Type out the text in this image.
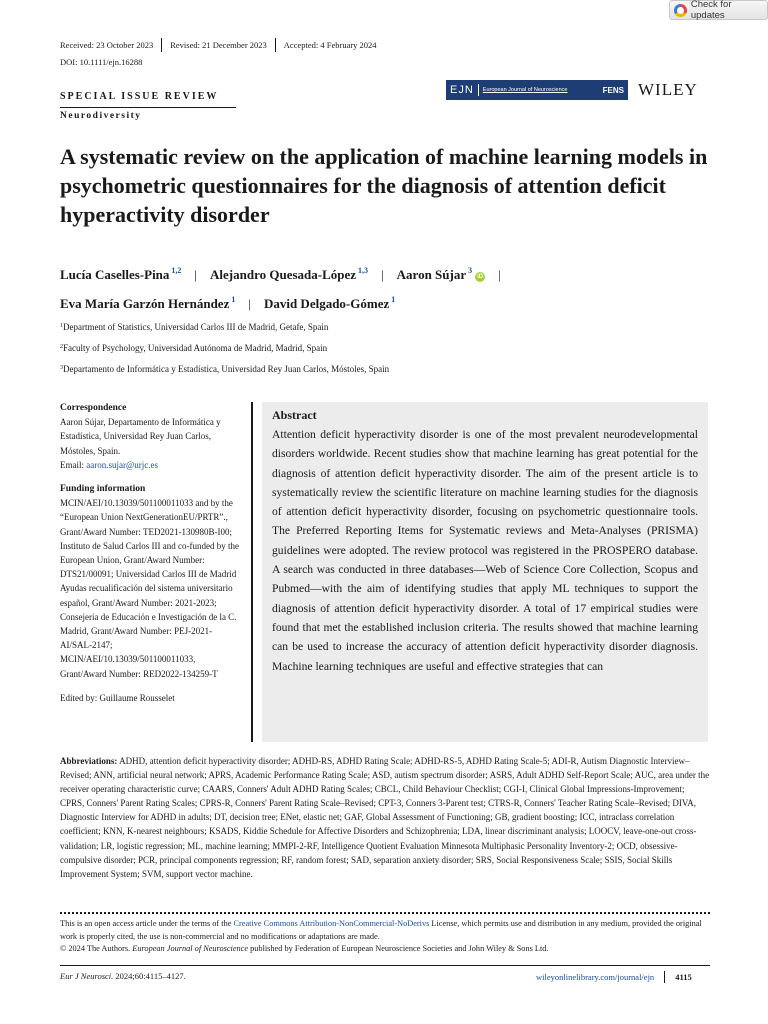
Check for updates
Received: 23 October 2023 Revised: 21 December 2023 Accepted: 4 February 2024
DOI: 10.1111/ejn.16288
SPECIAL ISSUE REVIEW
Neurodiversity
EJN	European Journal of Neuroscience	FENS WILEY
A systematic review on the application of machine learning models in psychometric questionnaires for the diagnosis of attention deficit hyperactivity disorder
Lucía Caselles-Pina $^{1,2}$ | Alejandro Quesada-López $^{1,3}$ | Aaron Sújar $^3$iD |
Eva María Garzón Hernández $^1$ | David Delgado-Gómez $^1$
$^1$Department of Statistics, Universidad Carlos III de Madrid, Getafe, Spain
$^2$Faculty of Psychology, Universidad Autónoma de Madrid, Madrid, Spain
$^3$Departamento de Informática y Estadística, Universidad Rey Juan Carlos, Móstoles, Spain
Correspondence
Aaron Sújar, Departamento de Informática y Estadística, Universidad Rey Juan Carlos, Móstoles, Spain.
Email: aaron.sujar@urjc.es
Funding information
MCIN/AEI/10.13039/501100011033 and by the “European Union NextGenerationEU/PRTR”., Grant/Award Number: TED2021-130980B-I00; Instituto de Salud Carlos III and co-funded by the European Union, Grant/Award Number: DTS21/00091; Universidad Carlos III de Madrid Ayudas recualificación del sistema universitario español, Grant/Award Number: 2021-2023; Consejería de Educación e Investigación de la C. Madrid, Grant/Award Number: PEJ-2021-AI/SAL-2147; MCIN/AEI/10.13039/501100011033, Grant/Award Number: RED2022-134259-T
Edited by: Guillaume Rousselet
Abstract
Attention deficit hyperactivity disorder is one of the most prevalent neurodevelopmental disorders worldwide. Recent studies show that machine learning has great potential for the diagnosis of attention deficit hyperactivity disorder. The aim of the present article is to systematically review the scientific literature on machine learning studies for the diagnosis of attention deficit hyperactivity disorder, focusing on psychometric questionnaire tools. The Preferred Reporting Items for Systematic reviews and Meta-Analyses (PRISMA) guidelines were adopted. The review protocol was registered in the PROSPERO database. A search was conducted in three databases—Web of Science Core Collection, Scopus and Pubmed—with the aim of identifying studies that apply ML techniques to support the diagnosis of attention deficit hyperactivity disorder. A total of 17 empirical studies were found that met the established inclusion criteria. The results showed that machine learning can be used to increase the accuracy of attention deficit hyperactivity disorder diagnosis. Machine learning techniques are useful and effective strategies that can
Abbreviations: ADHD, attention deficit hyperactivity disorder; ADHD-RS, ADHD Rating Scale; ADHD-RS-5, ADHD Rating Scale-5; ADI-R, Autism Diagnostic Interview–Revised; ANN, artificial neural network; APRS, Academic Performance Rating Scale; ASD, autism spectrum disorder; ASRS, Adult ADHD Self-Report Scale; AUC, area under the receiver operating characteristic curve; CAARS, Conners' Adult ADHD Rating Scales; CBCL, Child Behaviour Checklist; CGI-I, Clinical Global Impressions-Improvement; CPRS, Conners' Parent Rating Scales; CPRS-R, Conners' Parent Rating Scale–Revised; CPT-3, Conners 3-Parent test; CTRS-R, Conners' Teacher Rating Scale–Revised; DIVA, Diagnostic Interview for ADHD in adults; DT, decision tree; ENet, elastic net; GAF, Global Assessment of Functioning; GB, gradient boosting; ICC, intraclass correlation coefficient; KNN, K-nearest neighbours; KSADS, Kiddie Schedule for Affective Disorders and Schizophrenia; LDA, linear discriminant analysis; LOOCV, leave-one-out cross-validation; LR, logistic regression; ML, machine learning; MMPI-2-RF, Intelligence Quotient Evaluation Minnesota Multiphasic Personality Inventory-2; OCD, obsessive-compulsive disorder; PCR, principal components regression; RF, random forest; SAD, separation anxiety disorder; SRS, Social Responsiveness Scale; SSIS, Social Skills Improvement System; SVM, support vector machine.
This is an open access article under the terms of the Creative Commons Attribution-NonCommercial-NoDerivs License, which permits use and distribution in any medium, provided the original work is properly cited, the use is non-commercial and no modifications or adaptations are made.
© 2024 The Authors. European Journal of Neuroscience published by Federation of European Neuroscience Societies and John Wiley & Sons Ltd.
Eur J Neurosci. 2024;60:4115–4127.	wileyonlinelibrary.com/journal/ejn 4115
